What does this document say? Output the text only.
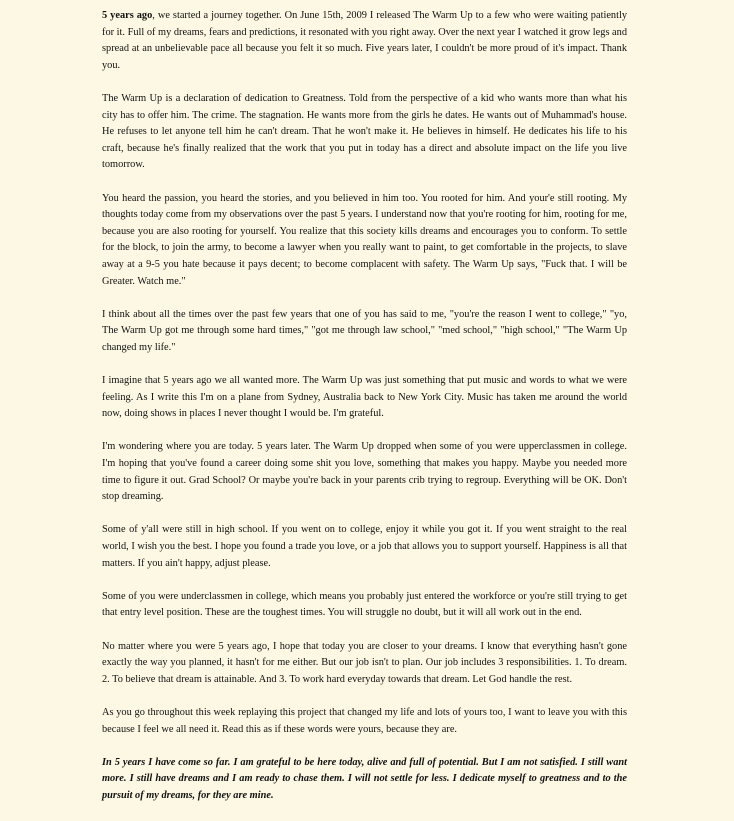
5 years ago, we started a journey together. On June 15th, 2009 I released The Warm Up to a few who were waiting patiently for it. Full of my dreams, fears and predictions, it resonated with you right away. Over the next year I watched it grow legs and spread at an unbelievable pace all because you felt it so much. Five years later, I couldn't be more proud of it's impact. Thank you.

The Warm Up is a declaration of dedication to Greatness. Told from the perspective of a kid who wants more than what his city has to offer him. The crime. The stagnation. He wants more from the girls he dates. He wants out of Muhammad's house. He refuses to let anyone tell him he can't dream. That he won't make it. He believes in himself. He dedicates his life to his craft, because he's finally realized that the work that you put in today has a direct and absolute impact on the life you live tomorrow.

You heard the passion, you heard the stories, and you believed in him too. You rooted for him. And your'e still rooting. My thoughts today come from my observations over the past 5 years. I understand now that you're rooting for him, rooting for me, because you are also rooting for yourself. You realize that this society kills dreams and encourages you to conform. To settle for the block, to join the army, to become a lawyer when you really want to paint, to get comfortable in the projects, to slave away at a 9-5 you hate because it pays decent; to become complacent with safety. The Warm Up says, "Fuck that. I will be Greater. Watch me."

I think about all the times over the past few years that one of you has said to me, "you're the reason I went to college," "yo, The Warm Up got me through some hard times," "got me through law school," "med school," "high school," "The Warm Up changed my life."

I imagine that 5 years ago we all wanted more. The Warm Up was just something that put music and words to what we were feeling. As I write this I'm on a plane from Sydney, Australia back to New York City. Music has taken me around the world now, doing shows in places I never thought I would be. I'm grateful.

I'm wondering where you are today. 5 years later. The Warm Up dropped when some of you were upperclassmen in college. I'm hoping that you've found a career doing some shit you love, something that makes you happy. Maybe you needed more time to figure it out. Grad School? Or maybe you're back in your parents crib trying to regroup. Everything will be OK. Don't stop dreaming.

Some of y'all were still in high school. If you went on to college, enjoy it while you got it. If you went straight to the real world, I wish you the best. I hope you found a trade you love, or a job that allows you to support yourself. Happiness is all that matters. If you ain't happy, adjust please.

Some of you were underclassmen in college, which means you probably just entered the workforce or you're still trying to get that entry level position. These are the toughest times. You will struggle no doubt, but it will all work out in the end.

No matter where you were 5 years ago, I hope that today you are closer to your dreams. I know that everything hasn't gone exactly the way you planned, it hasn't for me either. But our job isn't to plan. Our job includes 3 responsibilities. 1. To dream. 2. To believe that dream is attainable. And 3. To work hard everyday towards that dream. Let God handle the rest.

As you go throughout this week replaying this project that changed my life and lots of yours too, I want to leave you with this because I feel we all need it. Read this as if these words were yours, because they are.

In 5 years I have come so far. I am grateful to be here today, alive and full of potential. But I am not satisfied. I still want more. I still have dreams and I am ready to chase them. I will not settle for less. I dedicate myself to greatness and to the pursuit of my dreams, for they are mine.
